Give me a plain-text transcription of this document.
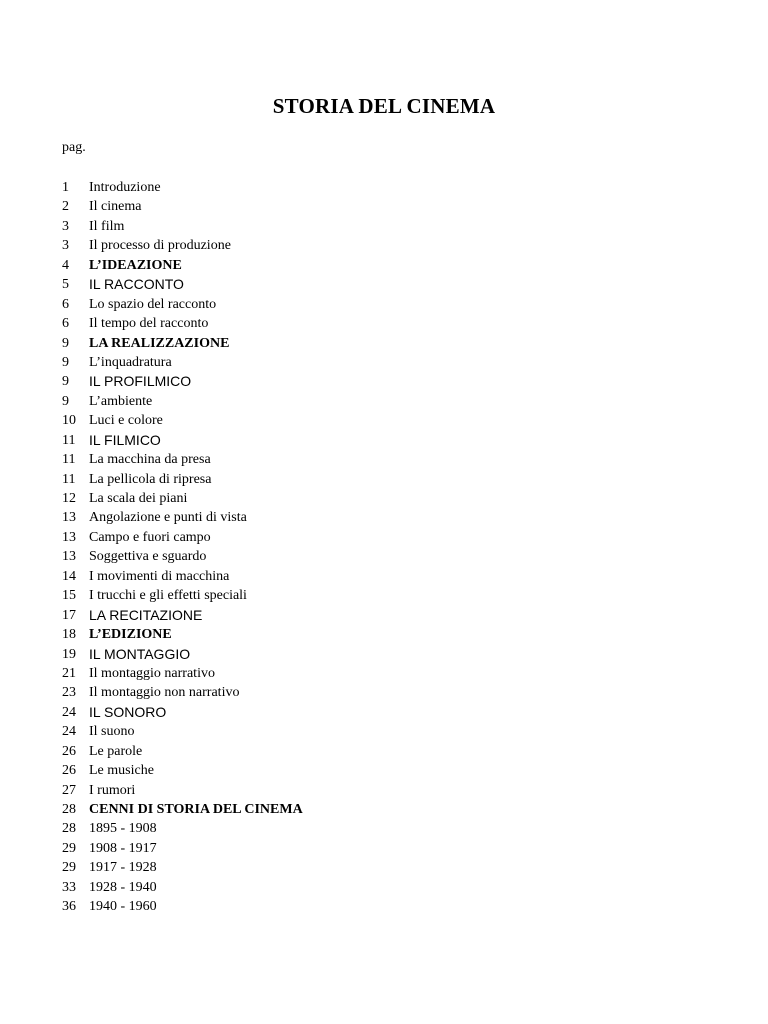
STORIA DEL CINEMA
pag.
1	Introduzione
2	Il cinema
3	Il film
3	Il processo di produzione
4	L’IDEAZIONE
5	IL RACCONTO
6	Lo spazio del racconto
6	Il tempo del racconto
9	LA REALIZZAZIONE
9	L’inquadratura
9	IL PROFILMICO
9	L’ambiente
10 Luci e colore
11 IL FILMICO
11 La macchina da presa
11 La pellicola di ripresa
12 La scala dei piani
13 Angolazione e punti di vista
13 Campo e fuori campo
13 Soggettiva e sguardo
14 I movimenti di macchina
15 I trucchi e gli effetti speciali
17 LA RECITAZIONE
18 L’EDIZIONE
19 IL MONTAGGIO
21 Il montaggio narrativo
23 Il montaggio non narrativo
24 IL SONORO
24 Il suono
26 Le parole
26 Le musiche
27 I rumori
28 CENNI DI STORIA DEL CINEMA
28 1895 - 1908
29 1908 - 1917
29 1917 - 1928
33 1928 - 1940
36 1940 - 1960
